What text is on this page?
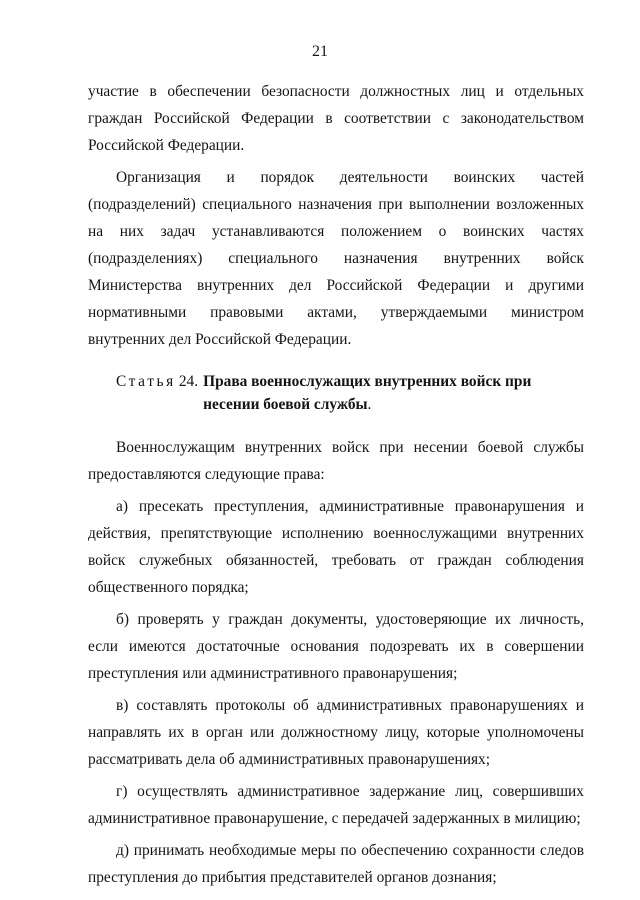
21

участие в обеспечении безопасности должностных лиц и отдельных граждан Российской Федерации в соответствии с законодательством Российской Федерации.

Организация и порядок деятельности воинских частей (подразделений) специального назначения при выполнении возложенных на них задач устанавливаются положением о воинских частях (подразделениях) специального назначения внутренних войск Министерства внутренних дел Российской Федерации и другими нормативными правовыми актами, утверждаемыми министром внутренних дел Российской Федерации.

Статья 24. Права военнослужащих внутренних войск при несении боевой службы.

Военнослужащим внутренних войск при несении боевой службы предоставляются следующие права:

а) пресекать преступления, административные правонарушения и действия, препятствующие исполнению военнослужащими внутренних войск служебных обязанностей, требовать от граждан соблюдения общественного порядка;

б) проверять у граждан документы, удостоверяющие их личность, если имеются достаточные основания подозревать их в совершении преступления или административного правонарушения;

в) составлять протоколы об административных правонарушениях и направлять их в орган или должностному лицу, которые уполномочены рассматривать дела об административных правонарушениях;

г) осуществлять административное задержание лиц, совершивших административное правонарушение, с передачей задержанных в милицию;

д) принимать необходимые меры по обеспечению сохранности следов преступления до прибытия представителей органов дознания;
